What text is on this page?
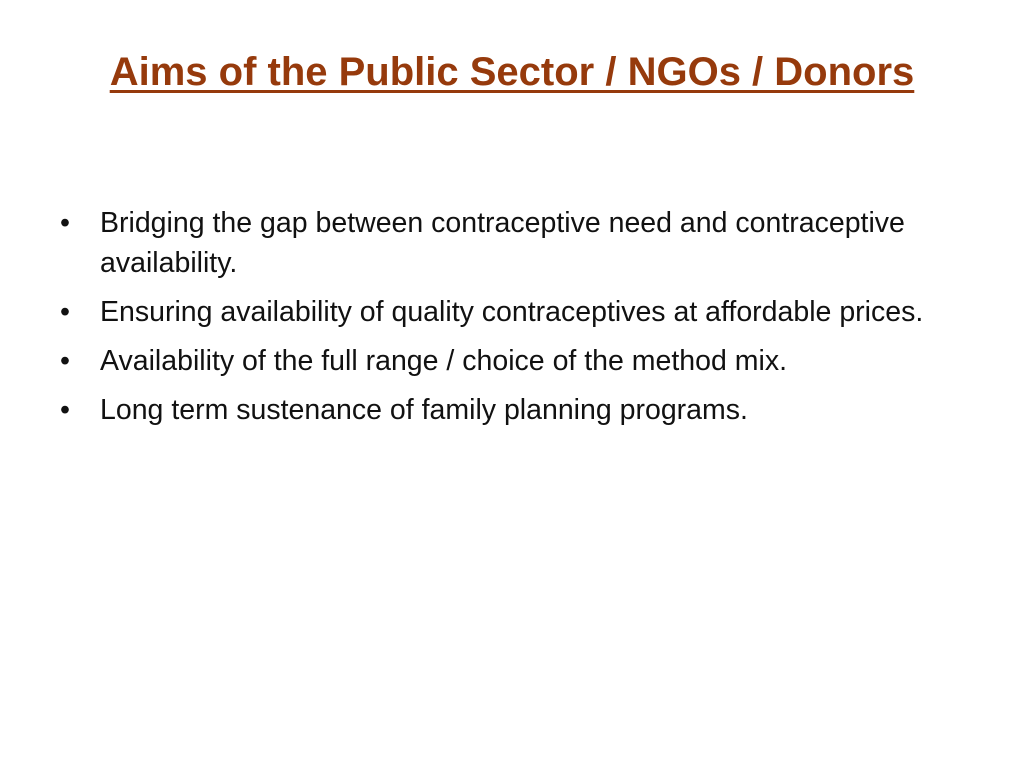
Aims of the Public Sector / NGOs / Donors
•	Bridging the gap between contraceptive need and contraceptive availability.
•	Ensuring availability of quality contraceptives at affordable prices.
•	Availability of the full range / choice of the method mix.
•	Long term sustenance of family planning programs.
